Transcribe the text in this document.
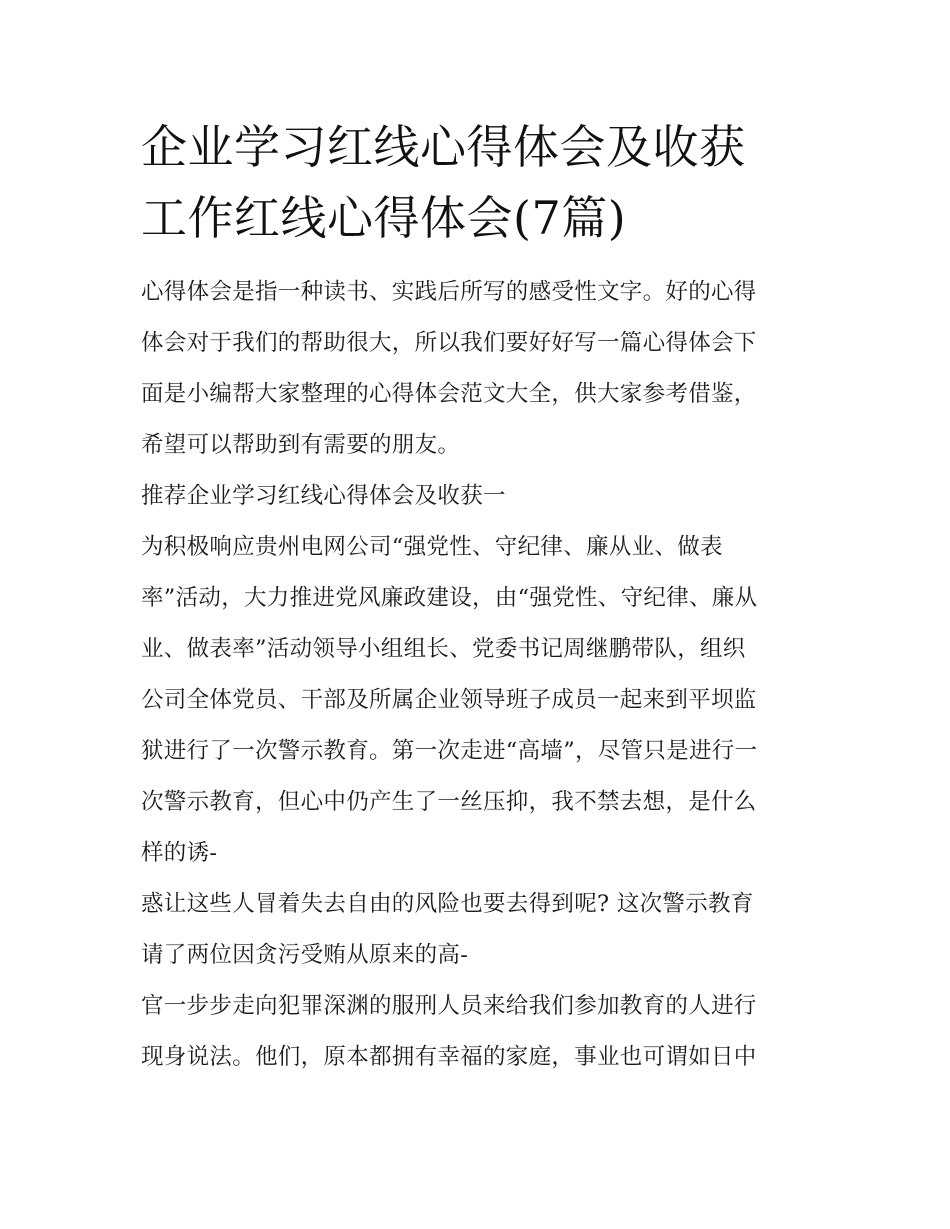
企业学习红线心得体会及收获
工作红线心得体会(7篇)

心得体会是指一种读书、实践后所写的感受性文字。好的心得
体会对于我们的帮助很大，所以我们要好好写一篇心得体会下
面是小编帮大家整理的心得体会范文大全，供大家参考借鉴，
希望可以帮助到有需要的朋友。

推荐企业学习红线心得体会及收获一

为积极响应贵州电网公司“强党性、守纪律、廉从业、做表
率”活动，大力推进党风廉政建设，由“强党性、守纪律、廉从
业、做表率”活动领导小组组长、党委书记周继鹏带队，组织
公司全体党员、干部及所属企业领导班子成员一起来到平坝监
狱进行了一次警示教育。第一次走进“高墙”，尽管只是进行一
次警示教育，但心中仍产生了一丝压抑，我不禁去想，是什么
样的诱-

惑让这些人冒着失去自由的风险也要去得到呢? 这次警示教育
请了两位因贪污受贿从原来的高-

官一步步走向犯罪深渊的服刑人员来给我们参加教育的人进行
现身说法。他们，原本都拥有幸福的家庭，事业也可谓如日中
